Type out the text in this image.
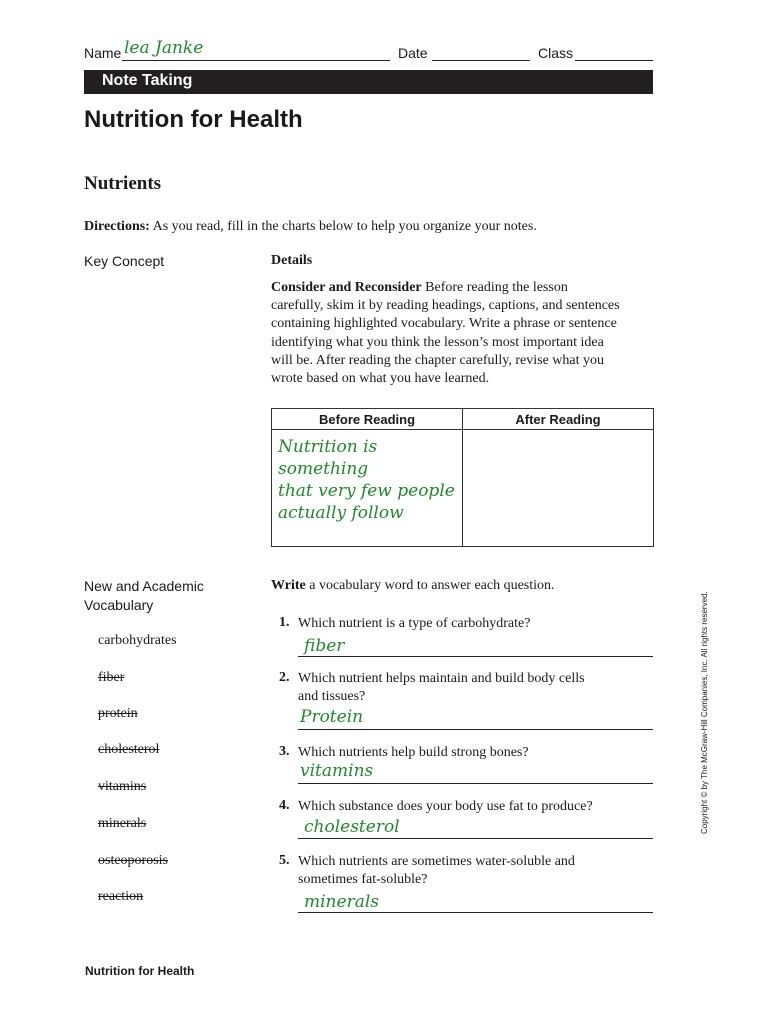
Name lea Janke	Date	Class
Note Taking
Nutrition for Health
Nutrients
Directions: As you read, fill in the charts below to help you organize your notes.
Key Concept	Details
Consider and Reconsider Before reading the lesson
carefully, skim it by reading headings, captions, and sentences
containing highlighted vocabulary. Write a phrase or sentence
identifying what you think the lesson’s most important idea
will be. After reading the chapter carefully, revise what you
wrote based on what you have learned.
Before Reading	After Reading

Nutrition is something
that very few people
actually follow	

New and Academic
Vocabulary
carbohydrates
fiber
protein
cholesterol
vitamins
minerals
osteoporosis
reaction
Write a vocabulary word to answer each question.
1. Which nutrient is a type of carbohydrate?
fiber
2. Which nutrient helps maintain and build body cells
and tissues?
Protein
3. Which nutrients help build strong bones?
vitamins
4. Which substance does your body use fat to produce?
cholesterol
5. Which nutrients are sometimes water-soluble and
sometimes fat-soluble?
minerals
Copyright © by The McGraw-Hill Companies, Inc. All rights reserved.
Nutrition for Health
